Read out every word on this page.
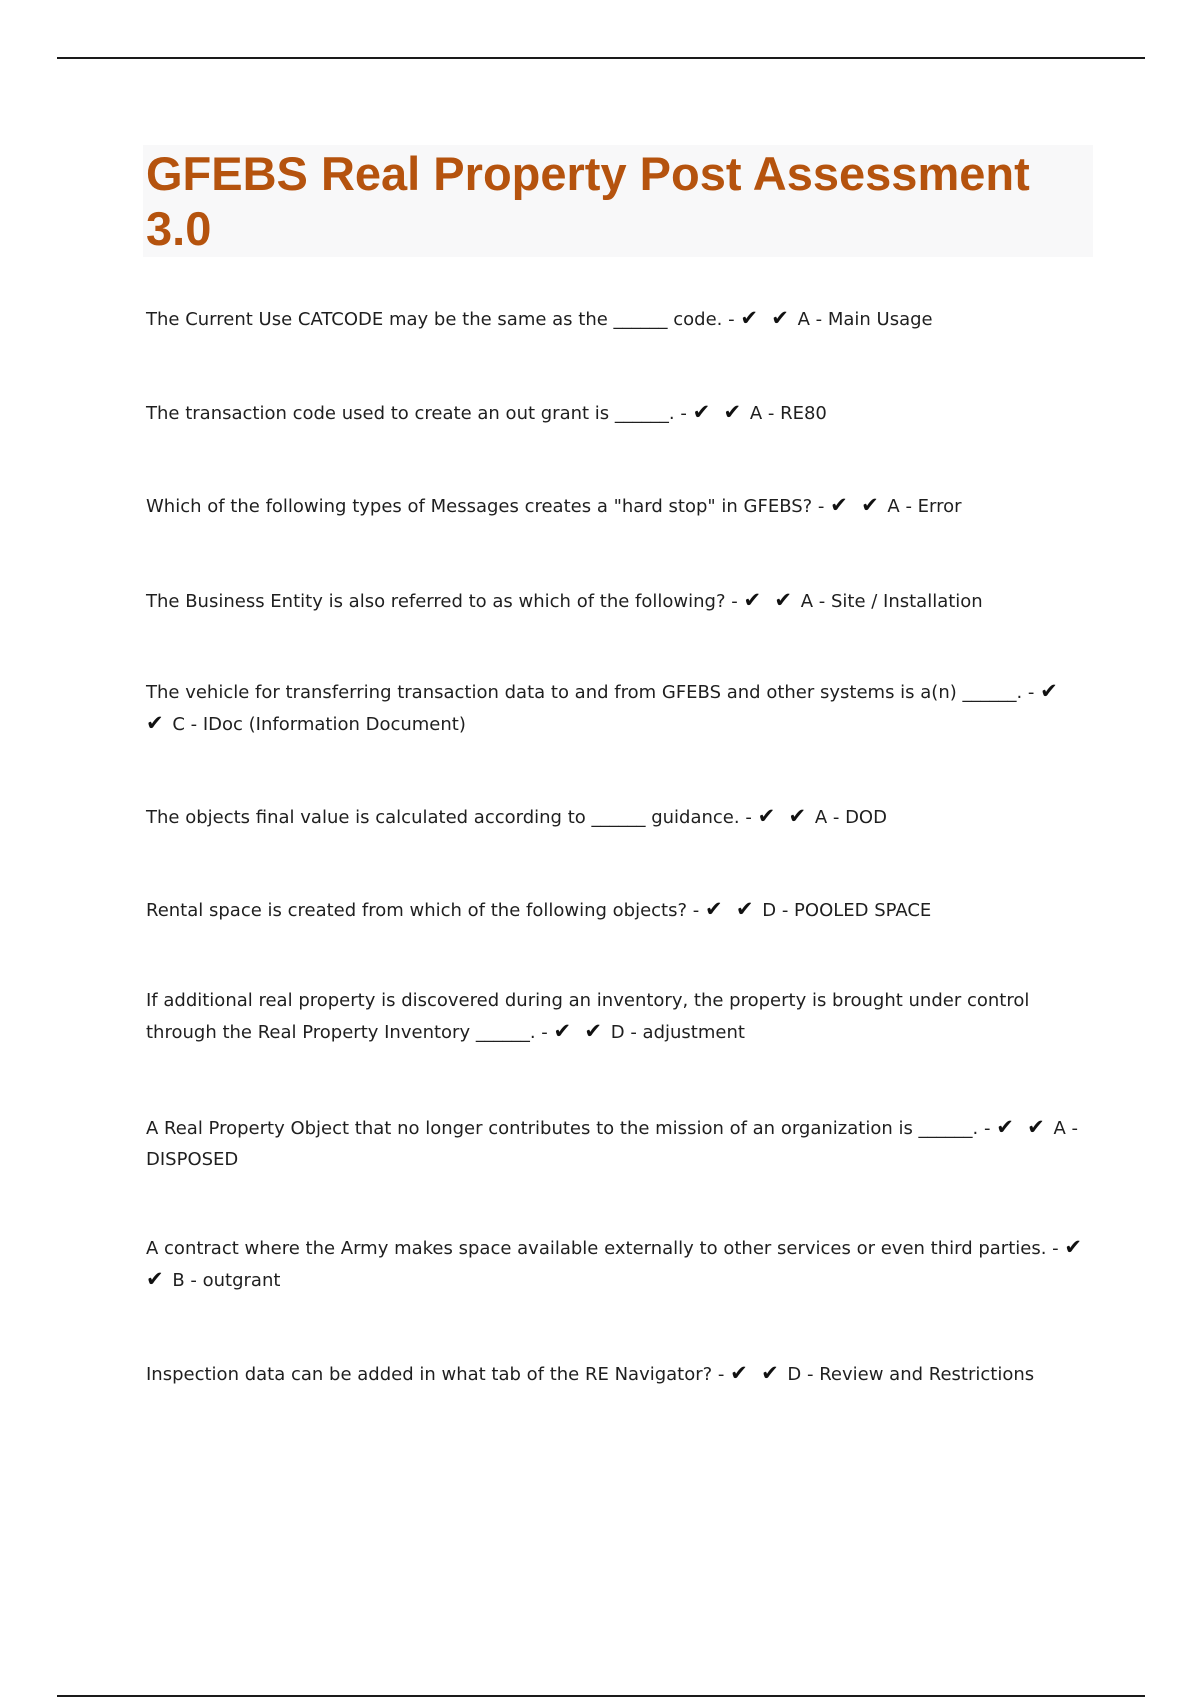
GFEBS Real Property Post Assessment 3.0

The Current Use CATCODE may be the same as the ______ code. - ✔ ✔ A - Main Usage

The transaction code used to create an out grant is ______. - ✔ ✔ A - RE80

Which of the following types of Messages creates a "hard stop" in GFEBS? - ✔ ✔ A - Error

The Business Entity is also referred to as which of the following? - ✔ ✔ A - Site / Installation

The vehicle for transferring transaction data to and from GFEBS and other systems is a(n) ______. - ✔ ✔ C - IDoc (Information Document)

The objects final value is calculated according to ______ guidance. - ✔ ✔ A - DOD

Rental space is created from which of the following objects? - ✔ ✔ D - POOLED SPACE

If additional real property is discovered during an inventory, the property is brought under control through the Real Property Inventory ______. - ✔ ✔ D - adjustment

A Real Property Object that no longer contributes to the mission of an organization is ______. - ✔ ✔ A - DISPOSED

A contract where the Army makes space available externally to other services or even third parties. - ✔ ✔ B - outgrant

Inspection data can be added in what tab of the RE Navigator? - ✔ ✔ D - Review and Restrictions
